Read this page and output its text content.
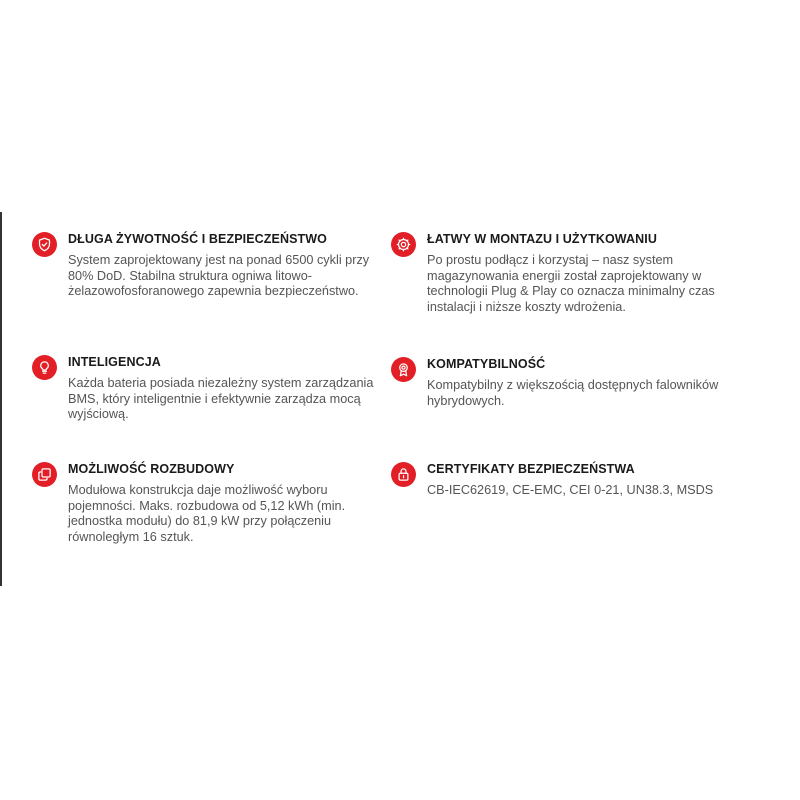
DŁUGA ŻYWOTNOŚĆ I BEZPIECZEŃSTWO
System zaprojektowany jest na ponad 6500 cykli przy 80% DoD. Stabilna struktura ogniwa litowo-żelazowofosforanowego zapewnia bezpieczeństwo.
ŁATWY W MONTAZU I UŻYTKOWANIU
Po prostu podłącz i korzystaj – nasz system magazynowania energii został zaprojektowany w technologii Plug & Play co oznacza minimalny czas instalacji i niższe koszty wdrożenia.
INTELIGENCJA
Każda bateria posiada niezależny system zarządzania BMS, który inteligentnie i efektywnie zarządza mocą wyjściową.
KOMPATYBILNOŚĆ
Kompatybilny z większością dostępnych falowników hybrydowych.
MOŻLIWOŚĆ ROZBUDOWY
Modułowa konstrukcja daje możliwość wyboru pojemności. Maks. rozbudowa od 5,12 kWh (min. jednostka modułu) do 81,9 kW przy połączeniu równoległym 16 sztuk.
CERTYFIKATY BEZPIECZEŃSTWA
CB-IEC62619, CE-EMC, CEI 0-21, UN38.3, MSDS
